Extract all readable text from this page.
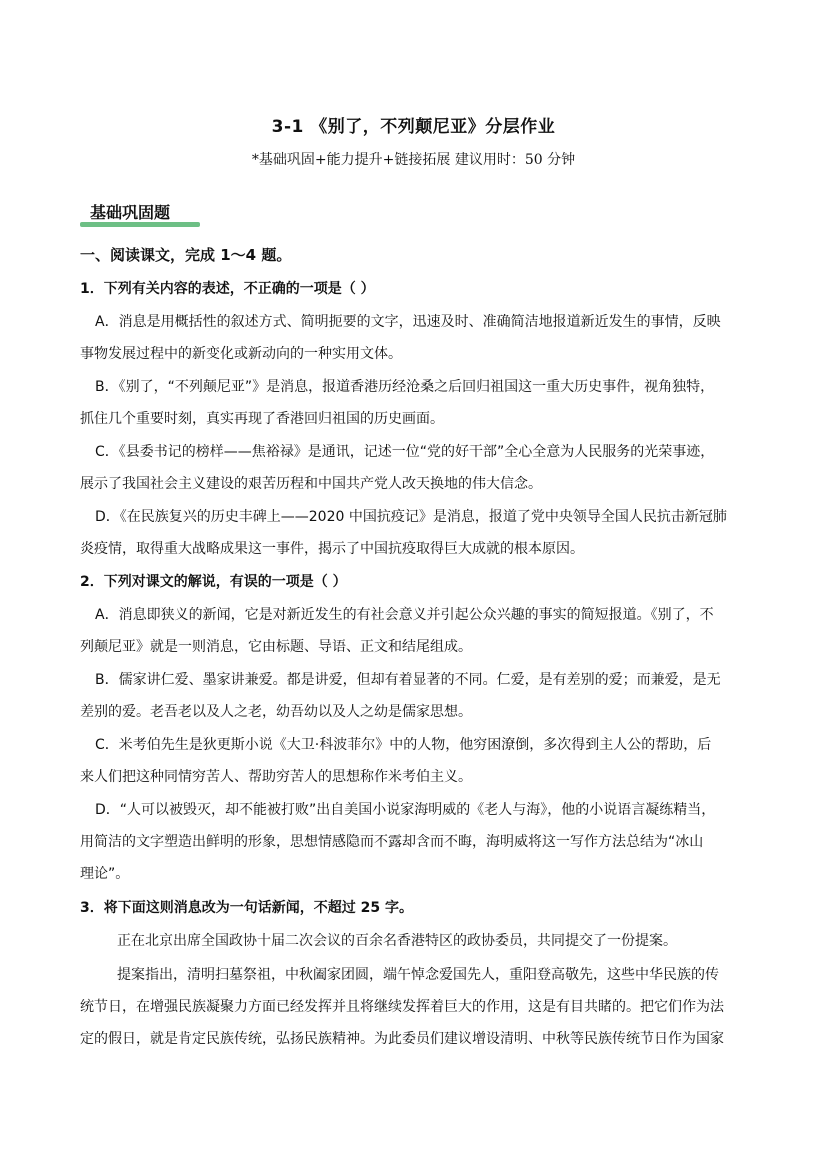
3-1 《别了，不列颠尼亚》分层作业
*基础巩固+能力提升+链接拓展 建议用时：50 分钟
基础巩固题
一、阅读课文，完成 1～4 题。
1．下列有关内容的表述，不正确的一项是（ ）
A．消息是用概括性的叙述方式、简明扼要的文字，迅速及时、准确简洁地报道新近发生的事情，反映
事物发展过程中的新变化或新动向的一种实用文体。
B．《别了，“不列颠尼亚”》是消息，报道香港历经沧桑之后回归祖国这一重大历史事件，视角独特，
抓住几个重要时刻，真实再现了香港回归祖国的历史画面。
C．《县委书记的榜样——焦裕禄》是通讯，记述一位“党的好干部”全心全意为人民服务的光荣事迹，
展示了我国社会主义建设的艰苦历程和中国共产党人改天换地的伟大信念。
D．《在民族复兴的历史丰碑上——2020 中国抗疫记》是消息，报道了党中央领导全国人民抗击新冠肺
炎疫情，取得重大战略成果这一事件，揭示了中国抗疫取得巨大成就的根本原因。
2．下列对课文的解说，有误的一项是（ ）
A．消息即狭义的新闻，它是对新近发生的有社会意义并引起公众兴趣的事实的简短报道。《别了，不
列颠尼亚》就是一则消息，它由标题、导语、正文和结尾组成。
B．儒家讲仁爱、墨家讲兼爱。都是讲爱，但却有着显著的不同。仁爱，是有差别的爱；而兼爱，是无
差别的爱。老吾老以及人之老，幼吾幼以及人之幼是儒家思想。
C．米考伯先生是狄更斯小说《大卫·科波菲尔》中的人物，他穷困潦倒，多次得到主人公的帮助，后
来人们把这种同情穷苦人、帮助穷苦人的思想称作米考伯主义。
D．“人可以被毁灭，却不能被打败”出自美国小说家海明威的《老人与海》，他的小说语言凝练精当，
用简洁的文字塑造出鲜明的形象，思想情感隐而不露却含而不晦，海明威将这一写作方法总结为“冰山
理论”。
3．将下面这则消息改为一句话新闻，不超过 25 字。
正在北京出席全国政协十届二次会议的百余名香港特区的政协委员，共同提交了一份提案。
提案指出，清明扫墓祭祖，中秋阖家团圆，端午悼念爱国先人，重阳登高敬先，这些中华民族的传
统节日，在增强民族凝聚力方面已经发挥并且将继续发挥着巨大的作用，这是有目共睹的。把它们作为法
定的假日，就是肯定民族传统，弘扬民族精神。为此委员们建议增设清明、中秋等民族传统节日作为国家
